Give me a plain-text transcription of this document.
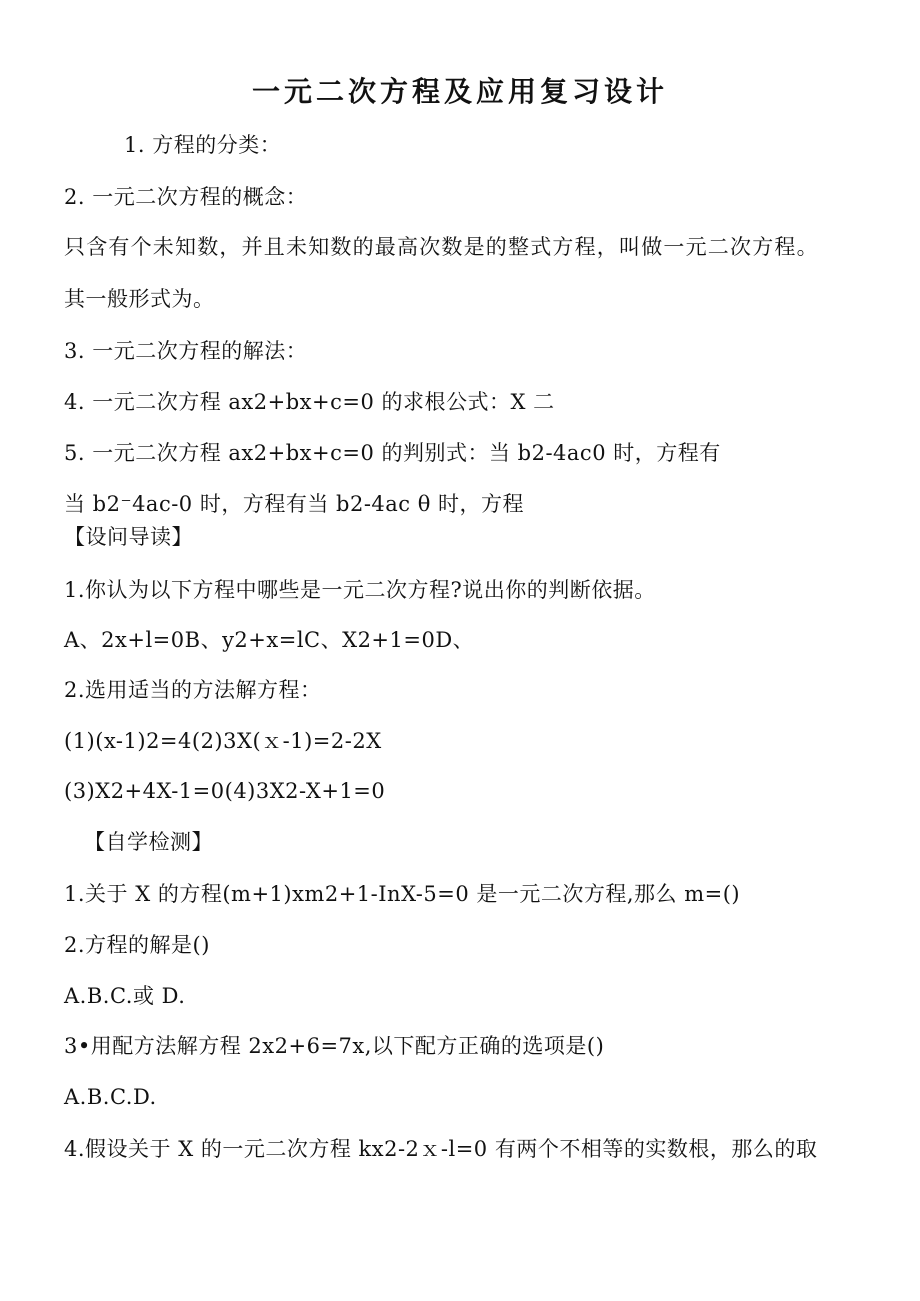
一元二次方程及应用复习设计
1. 方程的分类：
2. 一元二次方程的概念：
只含有个未知数，并且未知数的最高次数是的整式方程，叫做一元二次方程。
其一般形式为。
3. 一元二次方程的解法：
4. 一元二次方程 ax2+bx+c=0 的求根公式：X 二
5. 一元二次方程 ax2+bx+c=0 的判别式：当 b2-4ac0 时，方程有
当 b2⁻4ac-0 时，方程有当 b2-4ac θ 时，方程
【设问导读】
1.你认为以下方程中哪些是一元二次方程?说出你的判断依据。
A、2x+l=0B、y2+x=lC、X2+1=0D、
2.选用适当的方法解方程：
(1)(x-1)2=4(2)3X(ｘ-1)=2-2X
(3)X2+4X-1=0(4)3X2-X+1=0
【自学检测】
1.关于 X 的方程(m+1)xm2+1-InX-5=0 是一元二次方程,那么 m=()
2.方程的解是()
A.B.C.或 D.
3•用配方法解方程 2x2+6=7x,以下配方正确的选项是()
A.B.C.D.
4.假设关于 X 的一元二次方程 kx2-2ｘ-l=0 有两个不相等的实数根，那么的取
